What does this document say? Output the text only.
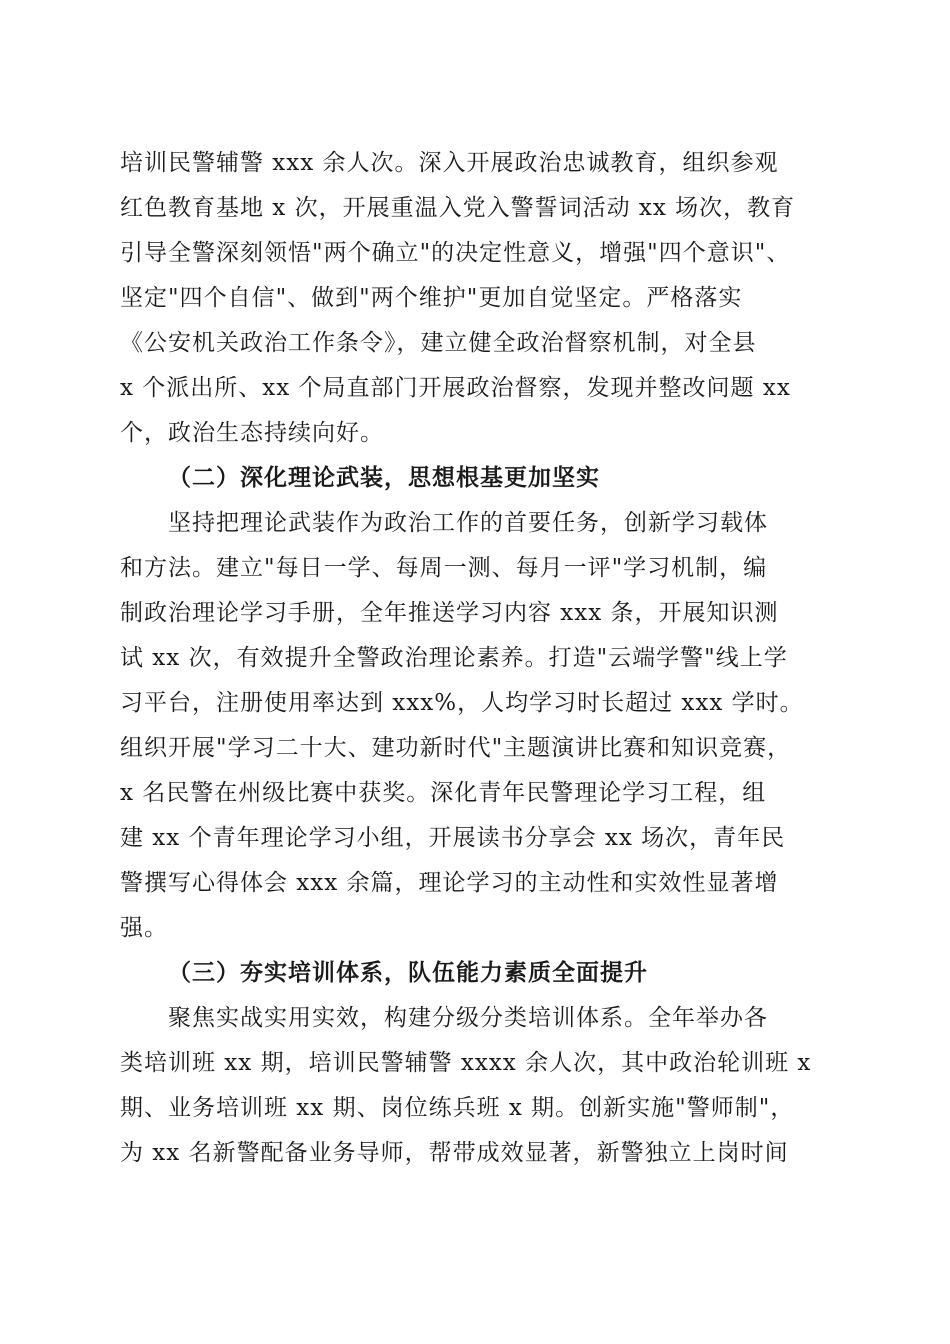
培训民警辅警 xxx 余人次。深入开展政治忠诚教育，组织参观
红色教育基地 x 次，开展重温入党入警誓词活动 xx 场次，教育
引导全警深刻领悟"两个确立"的决定性意义，增强"四个意识"、
坚定"四个自信"、做到"两个维护"更加自觉坚定。严格落实
《公安机关政治工作条令》，建立健全政治督察机制，对全县
x 个派出所、xx 个局直部门开展政治督察，发现并整改问题 xx
个，政治生态持续向好。
（二）深化理论武装，思想根基更加坚实
坚持把理论武装作为政治工作的首要任务，创新学习载体
和方法。建立"每日一学、每周一测、每月一评"学习机制，编
制政治理论学习手册，全年推送学习内容 xxx 条，开展知识测
试 xx 次，有效提升全警政治理论素养。打造"云端学警"线上学
习平台，注册使用率达到 xxx%，人均学习时长超过 xxx 学时。
组织开展"学习二十大、建功新时代"主题演讲比赛和知识竞赛，
x 名民警在州级比赛中获奖。深化青年民警理论学习工程，组
建 xx 个青年理论学习小组，开展读书分享会 xx 场次，青年民
警撰写心得体会 xxx 余篇，理论学习的主动性和实效性显著增
强。
（三）夯实培训体系，队伍能力素质全面提升
聚焦实战实用实效，构建分级分类培训体系。全年举办各
类培训班 xx 期，培训民警辅警 xxxx 余人次，其中政治轮训班 x
期、业务培训班 xx 期、岗位练兵班 x 期。创新实施"警师制"，
为 xx 名新警配备业务导师，帮带成效显著，新警独立上岗时间
